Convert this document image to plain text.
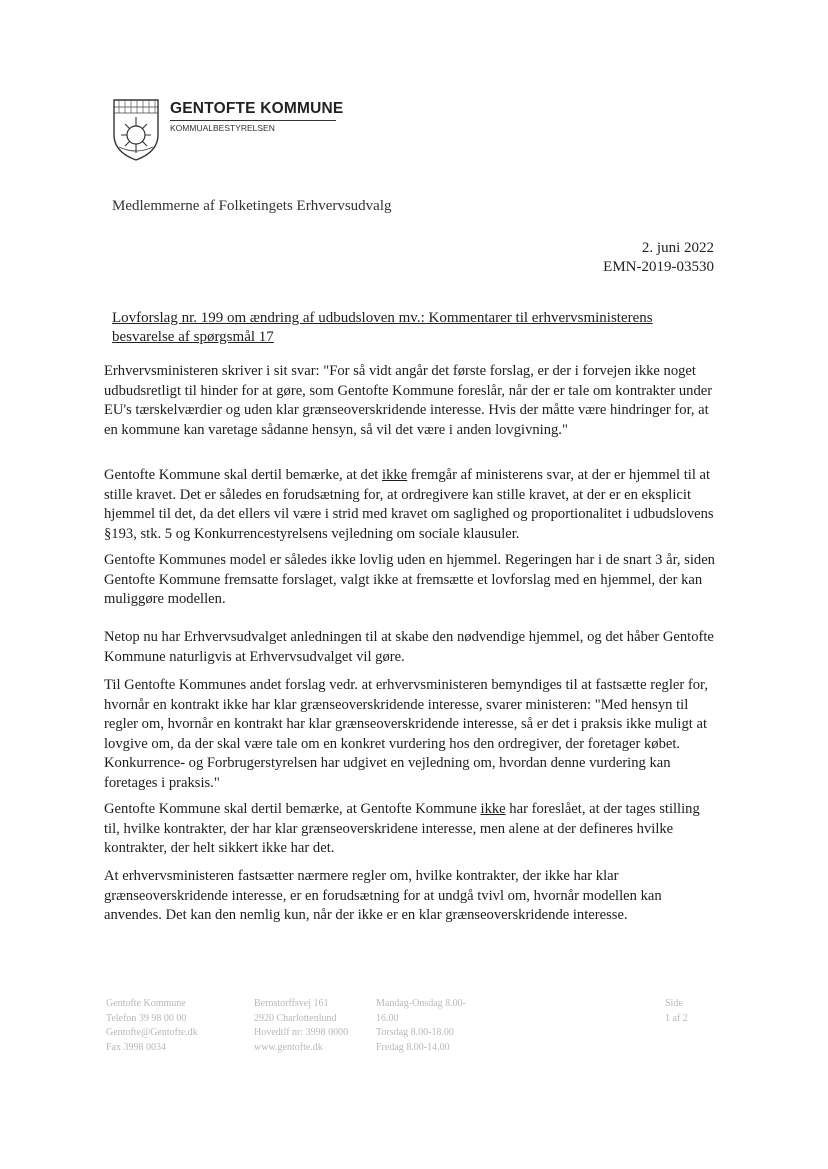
GENTOFTE KOMMUNE
KOMMUALBESTYRELSEN
Medlemmerne af Folketingets Erhvervsudvalg
2. juni 2022
EMN-2019-03530
Lovforslag nr. 199 om ændring af udbudsloven mv.: Kommentarer til erhvervsministerens besvarelse af spørgsmål 17

Erhvervsministeren skriver i sit svar: "For så vidt angår det første forslag, er der i forvejen ikke noget udbudsretligt til hinder for at gøre, som Gentofte Kommune foreslår, når der er tale om kontrakter under EU's tærskelværdier og uden klar grænseoverskridende interesse. Hvis der måtte være hindringer for, at en kommune kan varetage sådanne hensyn, så vil det være i anden lovgivning."

Gentofte Kommune skal dertil bemærke, at det ikke fremgår af ministerens svar, at der er hjemmel til at stille kravet. Det er således en forudsætning for, at ordregivere kan stille kravet, at der er en eksplicit hjemmel til det, da det ellers vil være i strid med kravet om saglighed og proportionalitet i udbudslovens §193, stk. 5 og Konkurrencestyrelsens vejledning om sociale klausuler.

Gentofte Kommunes model er således ikke lovlig uden en hjemmel. Regeringen har i de snart 3 år, siden Gentofte Kommune fremsatte forslaget, valgt ikke at fremsætte et lovforslag med en hjemmel, der kan muliggøre modellen.

Netop nu har Erhvervsudvalget anledningen til at skabe den nødvendige hjemmel, og det håber Gentofte Kommune naturligvis at Erhvervsudvalget vil gøre.

Til Gentofte Kommunes andet forslag vedr. at erhvervsministeren bemyndiges til at fastsætte regler for, hvornår en kontrakt ikke har klar grænseoverskridende interesse, svarer ministeren: "Med hensyn til regler om, hvornår en kontrakt har klar grænseoverskridende interesse, så er det i praksis ikke muligt at lovgive om, da der skal være tale om en konkret vurdering hos den ordregiver, der foretager købet. Konkurrence- og Forbrugerstyrelsen har udgivet en vejledning om, hvordan denne vurdering kan foretages i praksis."

Gentofte Kommune skal dertil bemærke, at Gentofte Kommune ikke har foreslået, at der tages stilling til, hvilke kontrakter, der har klar grænseoverskridene interesse, men alene at der defineres hvilke kontrakter, der helt sikkert ikke har det.

At erhvervsministeren fastsætter nærmere regler om, hvilke kontrakter, der ikke har klar grænseoverskridende interesse, er en forudsætning for at undgå tvivl om, hvornår modellen kan anvendes. Det kan den nemlig kun, når der ikke er en klar grænseoverskridende interesse.

Gentofte Kommune
Telefon 39 98 00 00
Gentofte@Gentofte.dk
Fax 3998 0034
Bernstorffsvej 161
2920 Charlottenlund
Hovedtlf nr: 3998 0000
www.gentofte.dk
Mandag-Onsdag 8.00-
16.00
Torsdag 8.00-18.00
Fredag 8.00-14.00
Side
1 af 2
